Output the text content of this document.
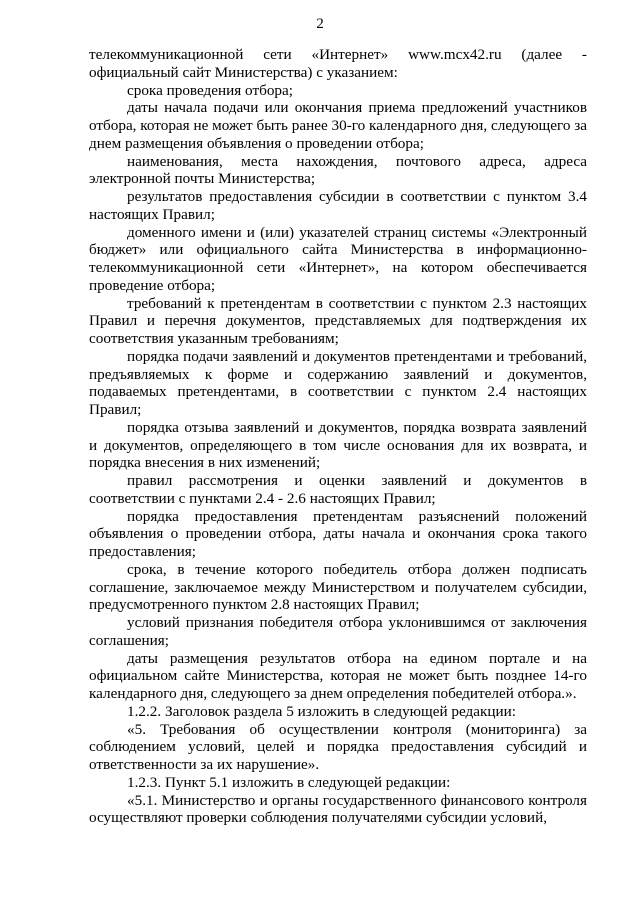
2

телекоммуникационной сети «Интернет» www.mcx42.ru (далее - официальный сайт Министерства) с указанием:

срока проведения отбора;

даты начала подачи или окончания приема предложений участников отбора, которая не может быть ранее 30-го календарного дня, следующего за днем размещения объявления о проведении отбора;

наименования, места нахождения, почтового адреса, адреса электронной почты Министерства;

результатов предоставления субсидии в соответствии с пунктом 3.4 настоящих Правил;

доменного имени и (или) указателей страниц системы «Электронный бюджет» или официального сайта Министерства в информационно-телекоммуникационной сети «Интернет», на котором обеспечивается проведение отбора;

требований к претендентам в соответствии с пунктом 2.3 настоящих Правил и перечня документов, представляемых для подтверждения их соответствия указанным требованиям;

порядка подачи заявлений и документов претендентами и требований, предъявляемых к форме и содержанию заявлений и документов, подаваемых претендентами, в соответствии с пунктом 2.4 настоящих Правил;

порядка отзыва заявлений и документов, порядка возврата заявлений и документов, определяющего в том числе основания для их возврата, и порядка внесения в них изменений;

правил рассмотрения и оценки заявлений и документов в соответствии с пунктами 2.4 - 2.6 настоящих Правил;

порядка предоставления претендентам разъяснений положений объявления о проведении отбора, даты начала и окончания срока такого предоставления;

срока, в течение которого победитель отбора должен подписать соглашение, заключаемое между Министерством и получателем субсидии, предусмотренного пунктом 2.8 настоящих Правил;

условий признания победителя отбора уклонившимся от заключения соглашения;

даты размещения результатов отбора на едином портале и на официальном сайте Министерства, которая не может быть позднее 14-го календарного дня, следующего за днем определения победителей отбора.».

1.2.2. Заголовок раздела 5 изложить в следующей редакции:

«5. Требования об осуществлении контроля (мониторинга) за соблюдением условий, целей и порядка предоставления субсидий и ответственности за их нарушение».

1.2.3. Пункт 5.1 изложить в следующей редакции:

«5.1. Министерство и органы государственного финансового контроля осуществляют проверки соблюдения получателями субсидии условий,
